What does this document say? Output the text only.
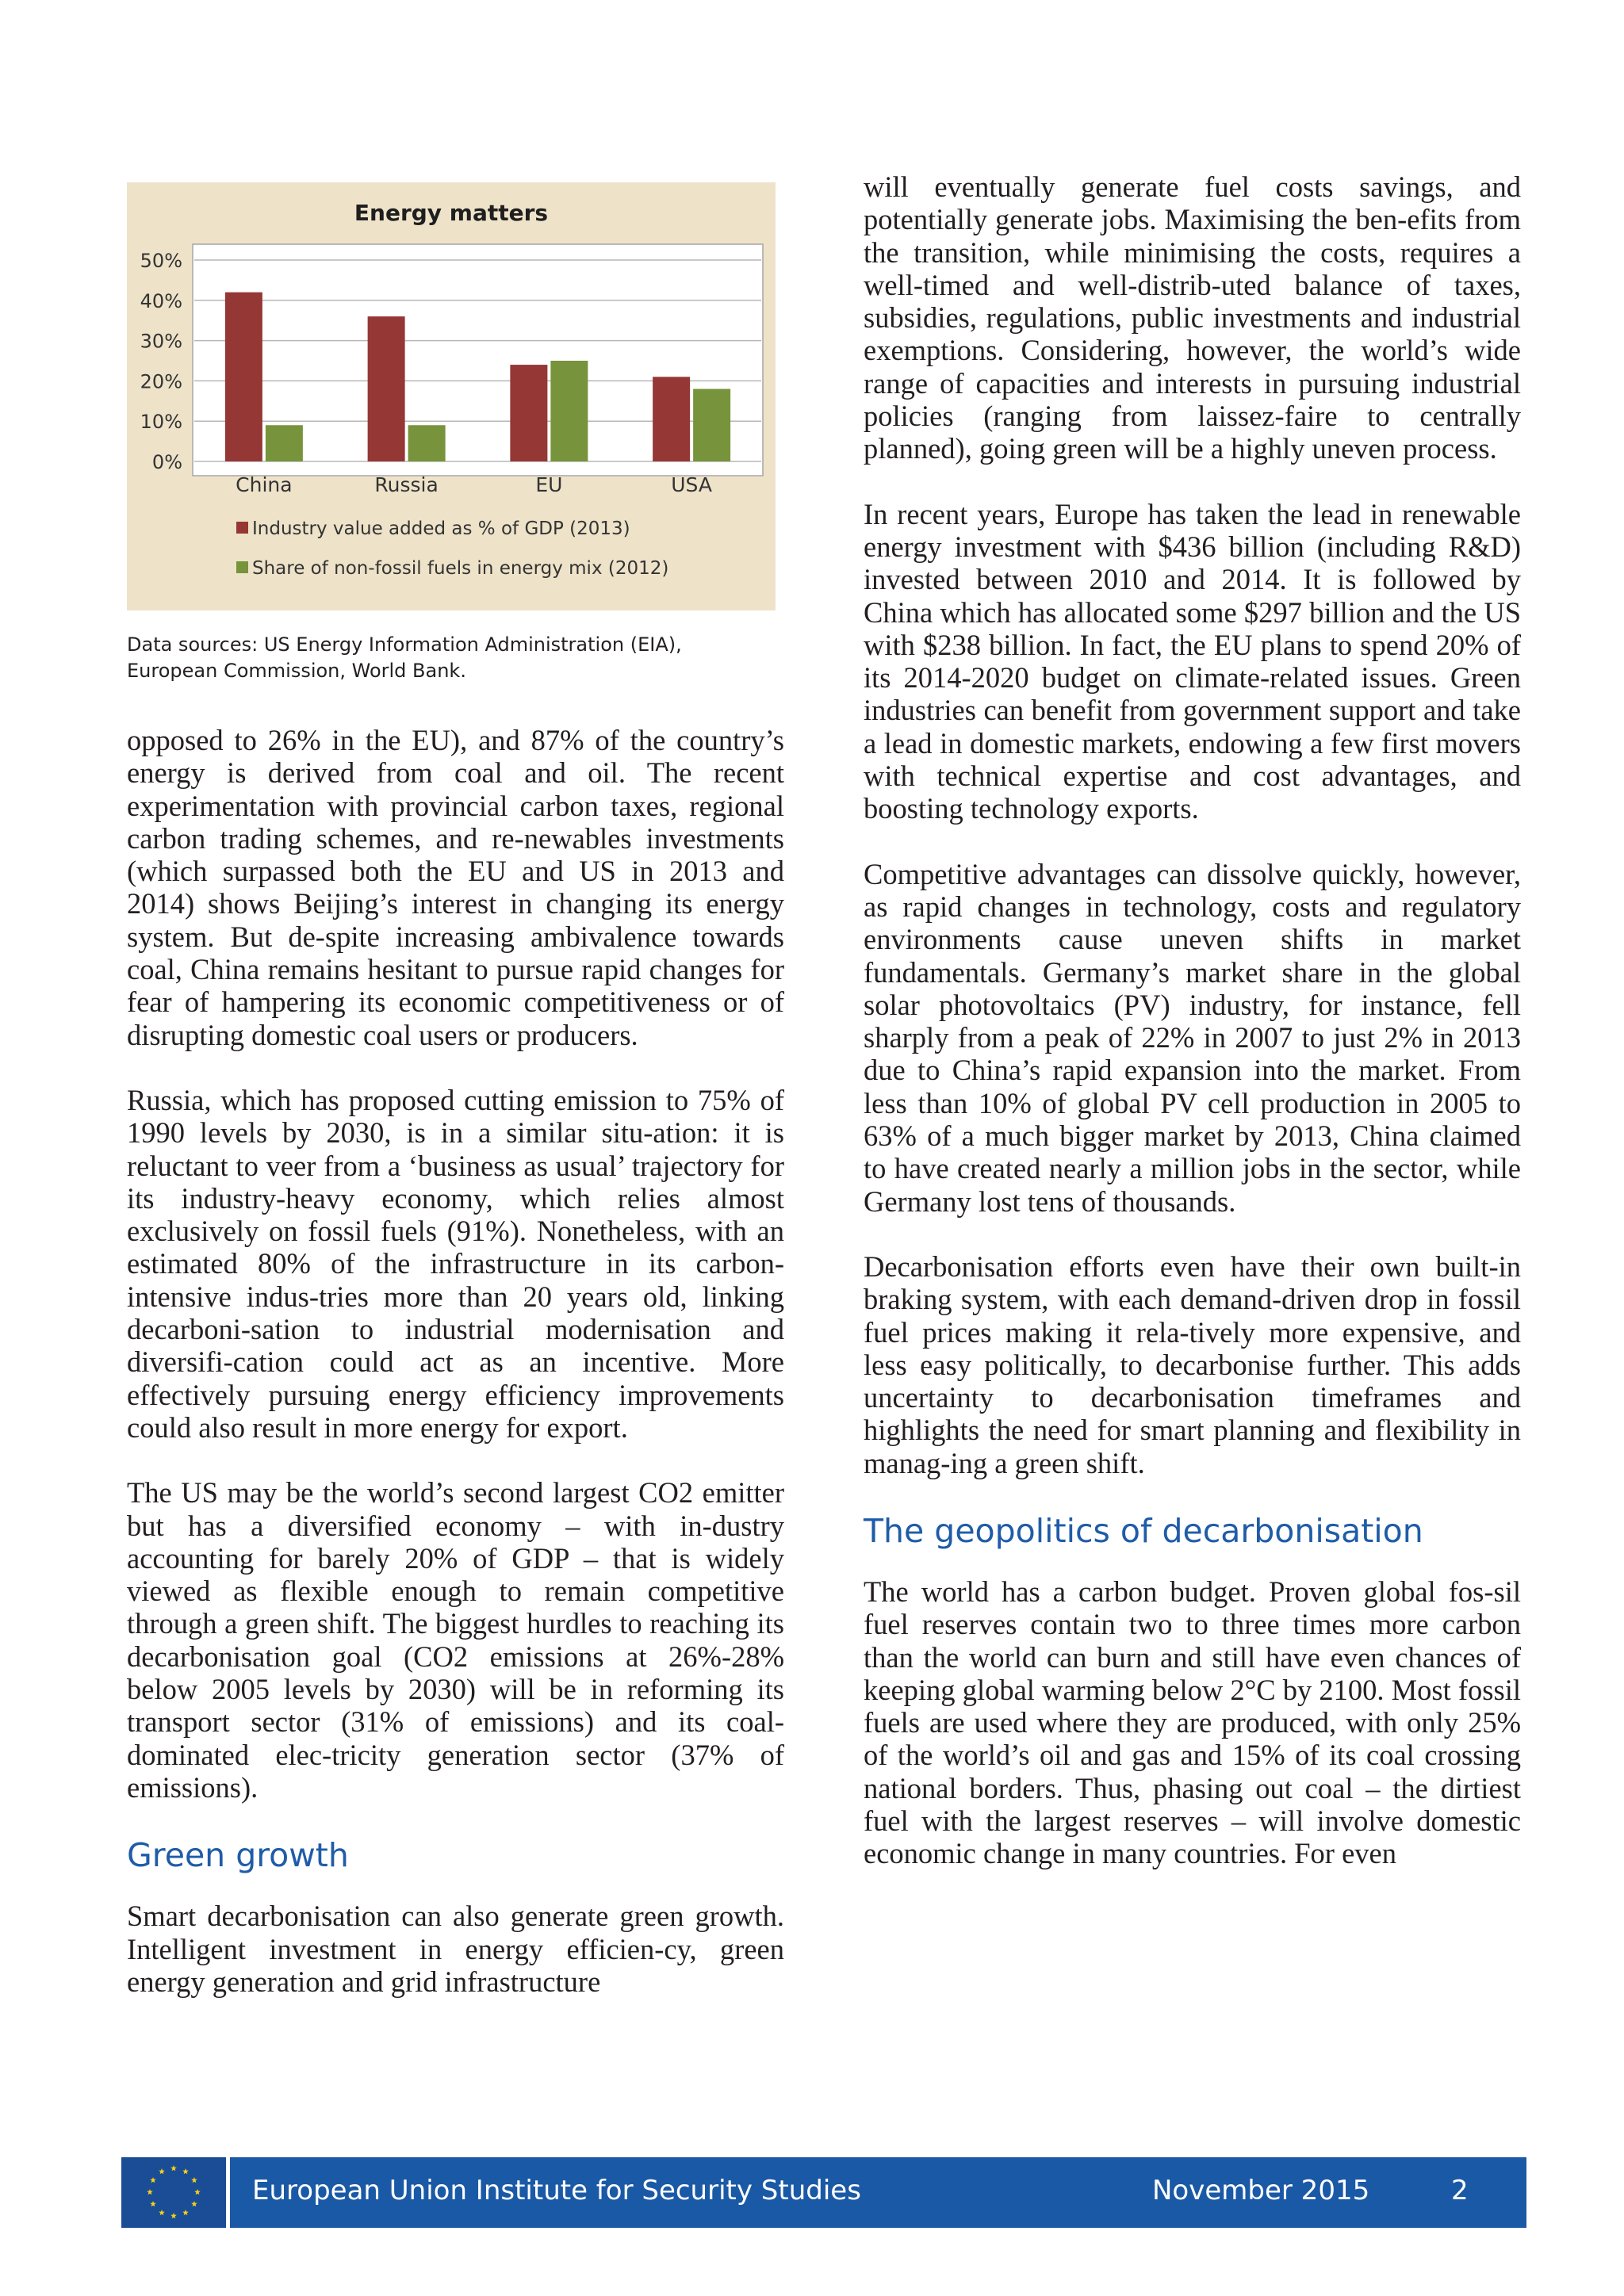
Energy matters
0%
10%
20%
30%
40%
50%
China	Russia	EU	USA
Industry value added as % of GDP (2013)
Share of non-fossil fuels in energy mix (2012)
Data sources: US Energy Information Administration (EIA),
European Commission, World Bank.

opposed to 26% in the EU), and 87% of the country’s energy is derived from coal and oil. The recent experimentation with provincial carbon taxes, regional carbon trading schemes, and re-newables investments (which surpassed both the EU and US in 2013 and 2014) shows Beijing’s interest in changing its energy system. But de-spite increasing ambivalence towards coal, China remains hesitant to pursue rapid changes for fear of hampering its economic competitiveness or of disrupting domestic coal users or producers.

Russia, which has proposed cutting emission to 75% of 1990 levels by 2030, is in a similar situ-ation: it is reluctant to veer from a ‘business as usual’ trajectory for its industry-heavy economy, which relies almost exclusively on fossil fuels (91%). Nonetheless, with an estimated 80% of the infrastructure in its carbon-intensive indus-tries more than 20 years old, linking decarboni-sation to industrial modernisation and diversifi-cation could act as an incentive. More effectively pursuing energy efficiency improvements could also result in more energy for export.

The US may be the world’s second largest CO2 emitter but has a diversified economy – with in-dustry accounting for barely 20% of GDP – that is widely viewed as flexible enough to remain competitive through a green shift. The biggest hurdles to reaching its decarbonisation goal (CO2 emissions at 26%-28% below 2005 levels by 2030) will be in reforming its transport sector (31% of emissions) and its coal-dominated elec-tricity generation sector (37% of emissions).

Green growth

Smart decarbonisation can also generate green growth. Intelligent investment in energy efficien-cy, green energy generation and grid infrastructure

will eventually generate fuel costs savings, and potentially generate jobs. Maximising the ben-efits from the transition, while minimising the costs, requires a well-timed and well-distrib-uted balance of taxes, subsidies, regulations, public investments and industrial exemptions. Considering, however, the world’s wide range of capacities and interests in pursuing industrial policies (ranging from laissez-faire to centrally planned), going green will be a highly uneven process.

In recent years, Europe has taken the lead in renewable energy investment with $436 billion (including R&D) invested between 2010 and 2014. It is followed by China which has allocated some $297 billion and the US with $238 billion. In fact, the EU plans to spend 20% of its 2014-2020 budget on climate-related issues. Green industries can benefit from government support and take a lead in domestic markets, endowing a few first movers with technical expertise and cost advantages, and boosting technology exports.

Competitive advantages can dissolve quickly, however, as rapid changes in technology, costs and regulatory environments cause uneven shifts in market fundamentals. Germany’s market share in the global solar photovoltaics (PV) industry, for instance, fell sharply from a peak of 22% in 2007 to just 2% in 2013 due to China’s rapid expansion into the market. From less than 10% of global PV cell production in 2005 to 63% of a much bigger market by 2013, China claimed to have created nearly a million jobs in the sector, while Germany lost tens of thousands.

Decarbonisation efforts even have their own built-in braking system, with each demand-driven drop in fossil fuel prices making it rela-tively more expensive, and less easy politically, to decarbonise further. This adds uncertainty to decarbonisation timeframes and highlights the need for smart planning and flexibility in manag-ing a green shift.

The geopolitics of decarbonisation

The world has a carbon budget. Proven global fos-sil fuel reserves contain two to three times more carbon than the world can burn and still have even chances of keeping global warming below 2°C by 2100. Most fossil fuels are used where they are produced, with only 25% of the world’s oil and gas and 15% of its coal crossing national borders. Thus, phasing out coal – the dirtiest fuel with the largest reserves – will involve domestic economic change in many countries. For even

European Union Institute for Security Studies	November 2015	2
